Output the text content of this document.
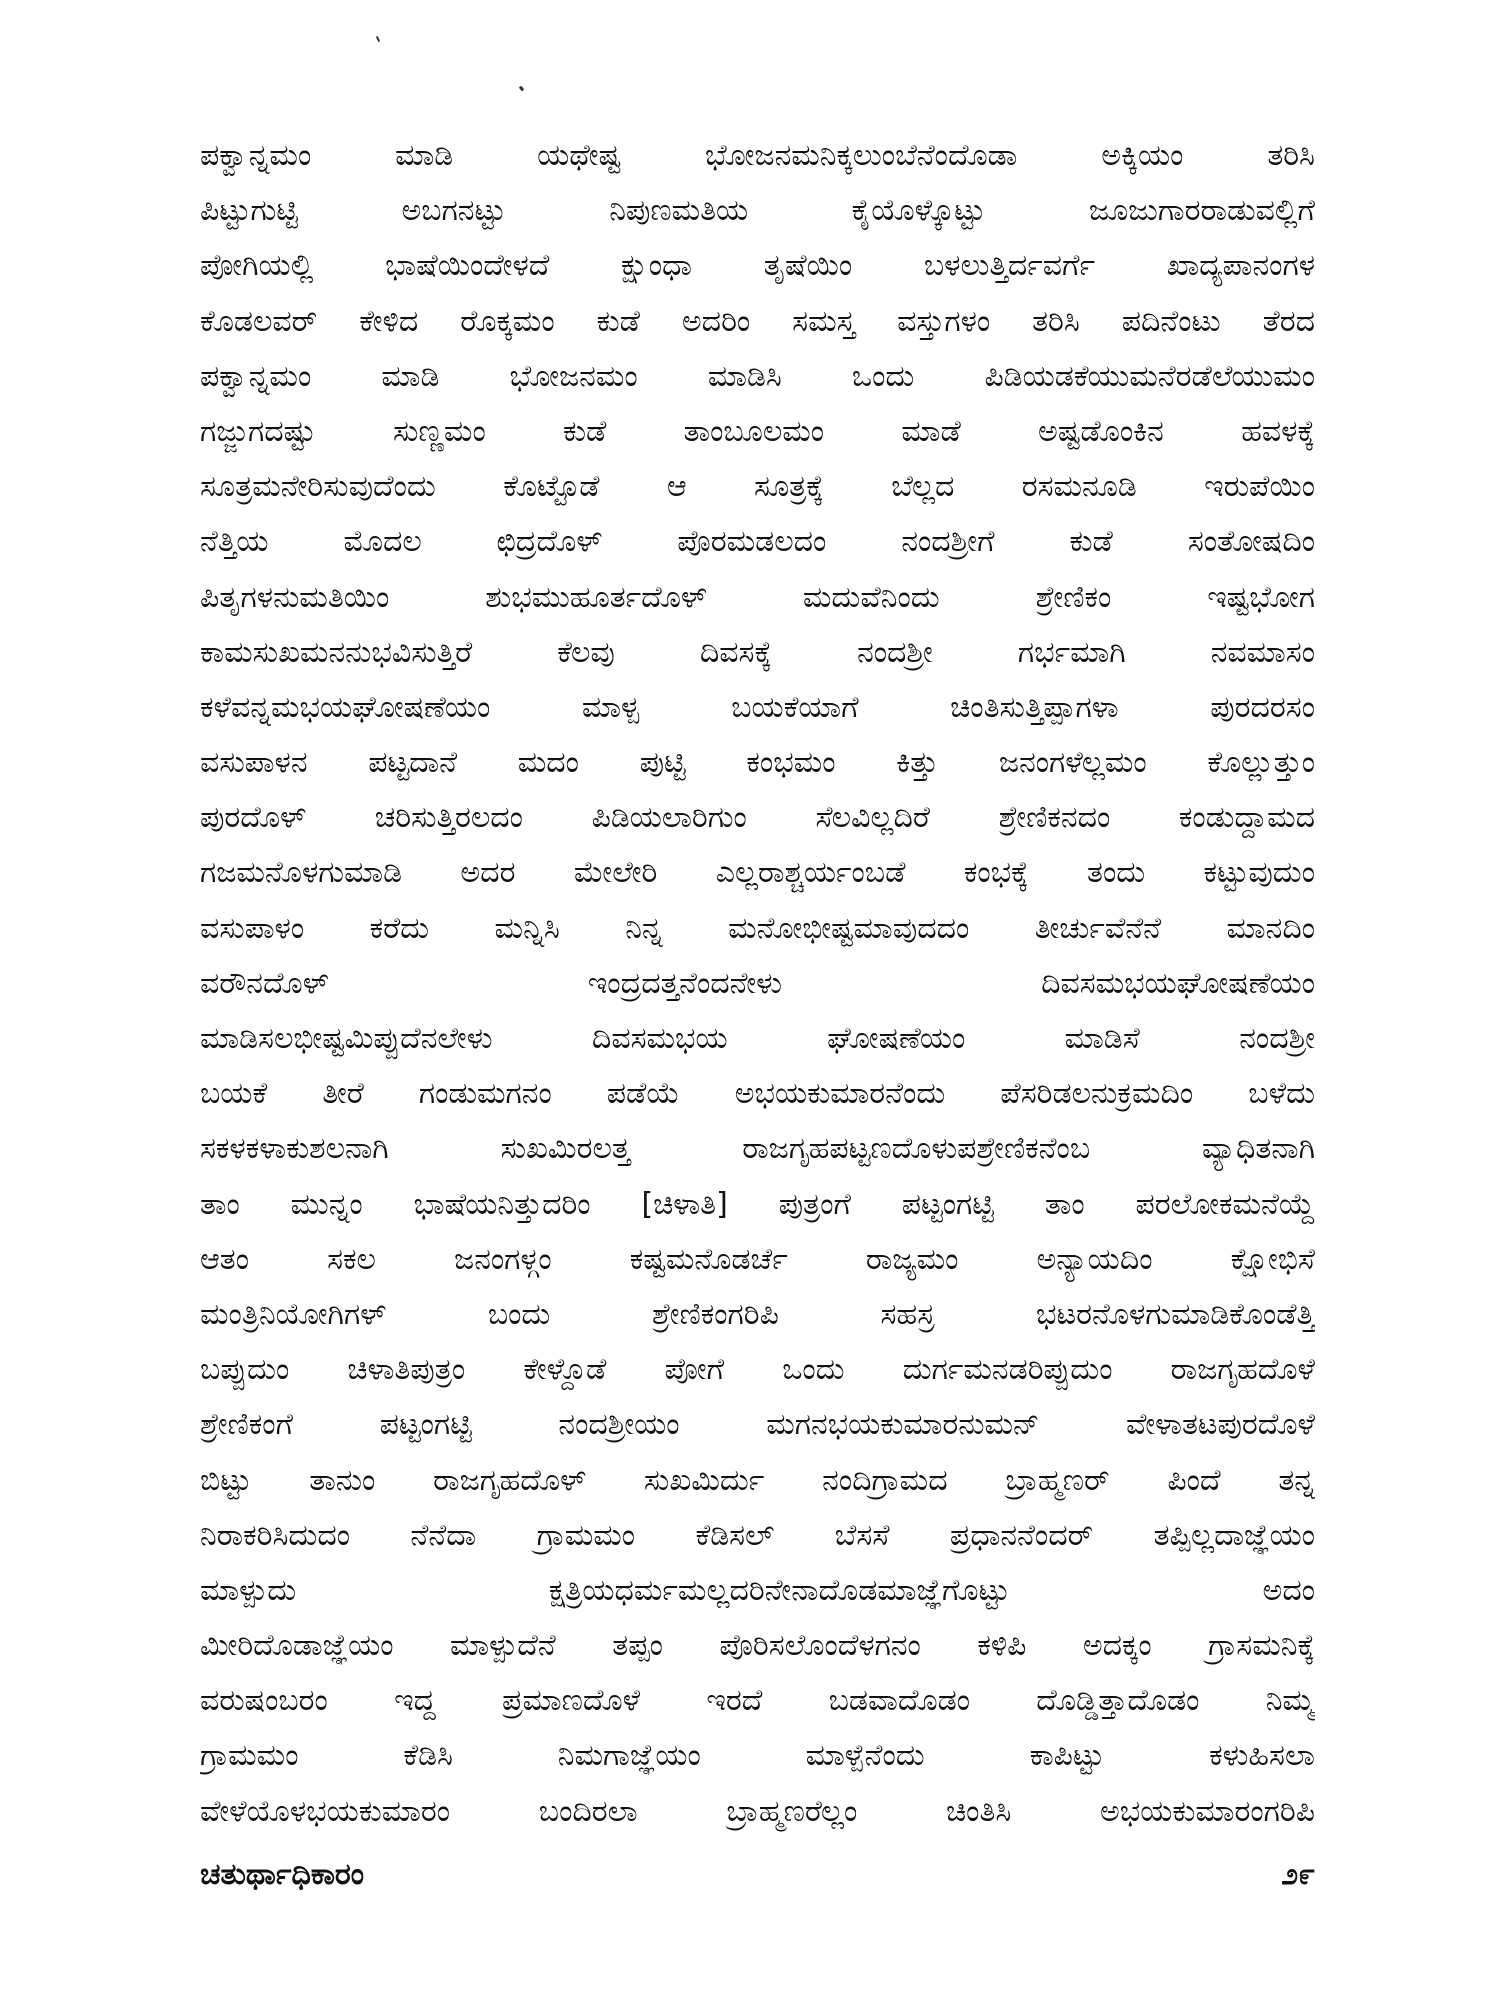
ಪಕ್ವಾನ್ನಮಂ ಮಾಡಿ ಯಥೇಷ್ಟ ಭೋಜನಮನಿಕ್ಕಲುಂಬೆನೆಂದೊಡಾ ಅಕ್ಕಿಯಂ ತರಿಸಿ
ಪಿಟ್ಟುಗುಟ್ಟಿ ಅಬಗನಟ್ಟು ನಿಪುಣಮತಿಯ ಕೈಯೊಳ್ಕೊಟ್ಟು ಜೂಜುಗಾರರಾಡುವಲ್ಲಿಗೆ
ಪೋಗಿಯಲ್ಲಿ ಭಾಷೆಯಿಂದೇಳದೆ ಕ್ಷುಂಧಾ ತೃಷೆಯಿಂ ಬಳಲುತ್ತಿರ್ದವರ್ಗೆ ಖಾದ್ಯಪಾನಂಗಳ
ಕೊಡಲವರ್ ಕೇಳಿದ ರೊಕ್ಕಮಂ ಕುಡೆ ಅದರಿಂ ಸಮಸ್ತ ವಸ್ತುಗಳಂ ತರಿಸಿ ಪದಿನೆಂಟು ತೆರದ
ಪಕ್ವಾನ್ನಮಂ ಮಾಡಿ ಭೋಜನಮಂ ಮಾಡಿಸಿ ಒಂದು ಪಿಡಿಯಡಕೆಯುಮನೆರಡೆಲೆಯುಮಂ
ಗಜ್ಜುಗದಷ್ಟು ಸುಣ್ಣಮಂ ಕುಡೆ ತಾಂಬೂಲಮಂ ಮಾಡೆ ಅಷ್ಟಡೊಂಕಿನ ಹವಳಕ್ಕೆ
ಸೂತ್ರಮನೇರಿಸುವುದೆಂದು ಕೊಟ್ಟೊಡೆ ಆ ಸೂತ್ರಕ್ಕೆ ಬೆಲ್ಲದ ರಸಮನೂಡಿ ಇರುಪೆಯಿಂ
ನೆತ್ತಿಯ ಮೊದಲ ಛಿದ್ರದೊಳ್ ಪೊರಮಡಲದಂ ನಂದಶ್ರೀಗೆ ಕುಡೆ ಸಂತೋಷದಿಂ
ಪಿತೃಗಳನುಮತಿಯಿಂ ಶುಭಮುಹೂರ್ತದೊಳ್ ಮದುವೆನಿಂದು ಶ್ರೇಣಿಕಂ ಇಷ್ಟಭೋಗ
ಕಾಮಸುಖಮನನುಭವಿಸುತ್ತಿರೆ ಕೆಲವು ದಿವಸಕ್ಕೆ ನಂದಶ್ರೀ ಗರ್ಭಮಾಗಿ ನವಮಾಸಂ
ಕಳೆವನ್ನಮಭಯಘೋಷಣೆಯಂ ಮಾಳ್ಪ ಬಯಕೆಯಾಗೆ ಚಿಂತಿಸುತ್ತಿಪ್ಪಾಗಳಾ ಪುರದರಸಂ
ವಸುಪಾಳನ ಪಟ್ಟದಾನೆ ಮದಂ ಪುಟ್ಟಿ ಕಂಭಮಂ ಕಿತ್ತು ಜನಂಗಳೆಲ್ಲಮಂ ಕೊಲ್ಲುತ್ತುಂ
ಪುರದೊಳ್ ಚರಿಸುತ್ತಿರಲದಂ ಪಿಡಿಯಲಾರಿಗುಂ ಸೆಲವಿಲ್ಲದಿರೆ ಶ್ರೇಣಿಕನದಂ ಕಂಡುದ್ದಾಮದ
ಗಜಮನೊಳಗುಮಾಡಿ ಅದರ ಮೇಲೇರಿ ಎಲ್ಲರಾಶ್ಚರ್ಯಂಬಡೆ ಕಂಭಕ್ಕೆ ತಂದು ಕಟ್ಟುವುದುಂ
ವಸುಪಾಳಂ ಕರೆದು ಮನ್ನಿಸಿ ನಿನ್ನ ಮನೋಭೀಷ್ಟಮಾವುದದಂ ತೀರ್ಚುವೆನೆನೆ ಮಾನದಿಂ
ವರೌನದೊಳ್ ಇಂದ್ರದತ್ತನೆಂದನೇಳು ದಿವಸಮಭಯಘೋಷಣೆಯಂ
ಮಾಡಿಸಲಭೀಷ್ಟಮಿಪ್ಪುದೆನಲೇಳು ದಿವಸಮಭಯ ಘೋಷಣೆಯಂ ಮಾಡಿಸೆ ನಂದಶ್ರೀ
ಬಯಕೆ ತೀರೆ ಗಂಡುಮಗನಂ ಪಡೆಯೆ ಅಭಯಕುಮಾರನೆಂದು ಪೆಸರಿಡಲನುಕ್ರಮದಿಂ ಬಳೆದು
ಸಕಳಕಳಾಕುಶಲನಾಗಿ ಸುಖಮಿರಲತ್ತ ರಾಜಗೃಹಪಟ್ಟಣದೊಳುಪಶ್ರೇಣಿಕನೆಂಬ ವ್ಯಾಧಿತನಾಗಿ
ತಾಂ ಮುನ್ನಂ ಭಾಷೆಯನಿತ್ತುದರಿಂ [ಚಿಳಾತಿ] ಪುತ್ರಂಗೆ ಪಟ್ಟಂಗಟ್ಟಿ ತಾಂ ಪರಲೋಕಮನೆಯ್ದೆ
ಆತಂ ಸಕಲ ಜನಂಗಳ್ಗಂ ಕಷ್ಟಮನೊಡರ್ಚೆ ರಾಜ್ಯಮಂ ಅನ್ಯಾಯದಿಂ ಕ್ಷೋಭಿಸೆ
ಮಂತ್ರಿನಿಯೋಗಿಗಳ್ ಬಂದು ಶ್ರೇಣಿಕಂಗರಿಪಿ ಸಹಸ್ರ ಭಟರನೊಳಗುಮಾಡಿಕೊಂಡೆತ್ತಿ
ಬಪ್ಪುದುಂ ಚಿಳಾತಿಪುತ್ರಂ ಕೇಳ್ದೊಡೆ ಪೋಗೆ ಒಂದು ದುರ್ಗಮನಡರಿಪ್ಪುದುಂ ರಾಜಗೃಹದೊಳೆ
ಶ್ರೇಣಿಕಂಗೆ ಪಟ್ಟಂಗಟ್ಟಿ ನಂದಶ್ರೀಯಂ ಮಗನಭಯಕುಮಾರನುಮನ್ ವೇಳಾತಟಪುರದೊಳೆ
ಬಿಟ್ಟು ತಾನುಂ ರಾಜಗೃಹದೊಳ್ ಸುಖಮಿರ್ದು ನಂದಿಗ್ರಾಮದ ಬ್ರಾಹ್ಮಣರ್ ಪಿಂದೆ ತನ್ನ
ನಿರಾಕರಿಸಿದುದಂ ನೆನೆದಾ ಗ್ರಾಮಮಂ ಕೆಡಿಸಲ್ ಬೆಸಸೆ ಪ್ರಧಾನನೆಂದರ್ ತಪ್ಪಿಲ್ಲದಾಜ್ಞೆಯಂ
ಮಾಳ್ಪುದು ಕ್ಷತ್ರಿಯಧರ್ಮಮಲ್ಲದರಿನೇನಾದೊಡಮಾಜ್ಞೆಗೊಟ್ಟು ಅದಂ
ಮೀರಿದೊಡಾಜ್ಞೆಯಂ ಮಾಳ್ಪುದೆನೆ ತಪ್ಪಂ ಪೊರಿಸಲೊಂದೆಳಗನಂ ಕಳಿಪಿ ಅದಕ್ಕಂ ಗ್ರಾಸಮನಿಕ್ಕೆ
ವರುಷಂಬರಂ ಇದ್ದ ಪ್ರಮಾಣದೊಳೆ ಇರದೆ ಬಡವಾದೊಡಂ ದೊಡ್ಡಿತ್ತಾದೊಡಂ ನಿಮ್ಮ
ಗ್ರಾಮಮಂ ಕೆಡಿಸಿ ನಿಮಗಾಜ್ಞೆಯಂ ಮಾಳ್ಪೆನೆಂದು ಕಾಪಿಟ್ಟು ಕಳುಹಿಸಲಾ
ವೇಳೆಯೊಳಭಯಕುಮಾರಂ ಬಂದಿರಲಾ ಬ್ರಾಹ್ಮಣರೆಲ್ಲಂ ಚಿಂತಿಸಿ ಅಭಯಕುಮಾರಂಗರಿಪಿ
ಚತುರ್ಥಾಧಿಕಾರಂ	೨೯
